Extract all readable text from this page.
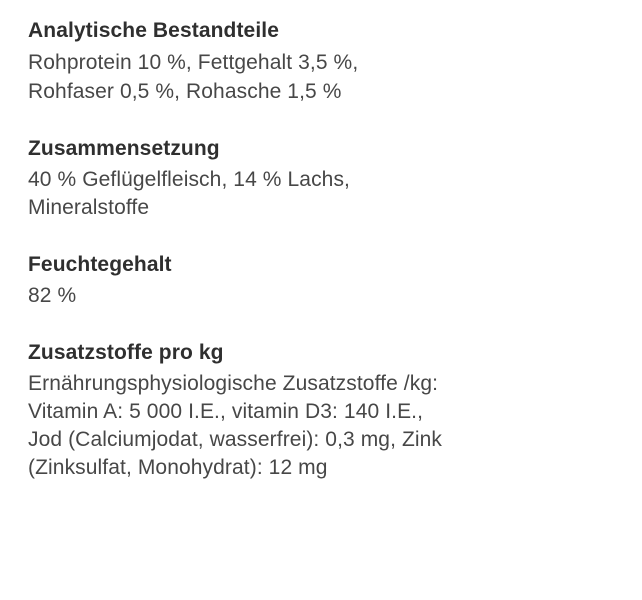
Analytische Bestandteile

Rohprotein 10 %, Fettgehalt 3,5 %,

Rohfaser 0,5 %, Rohasche 1,5 %

Zusammensetzung

40 % Geflügelfleisch, 14 % Lachs,

Mineralstoffe

Feuchtegehalt

82 %

Zusatzstoffe pro kg

Ernährungsphysiologische Zusatzstoffe /kg:

Vitamin A: 5 000 I.E., vitamin D3: 140 I.E.,

Jod (Calciumjodat, wasserfrei): 0,3 mg, Zink

(Zinksulfat, Monohydrat): 12 mg
